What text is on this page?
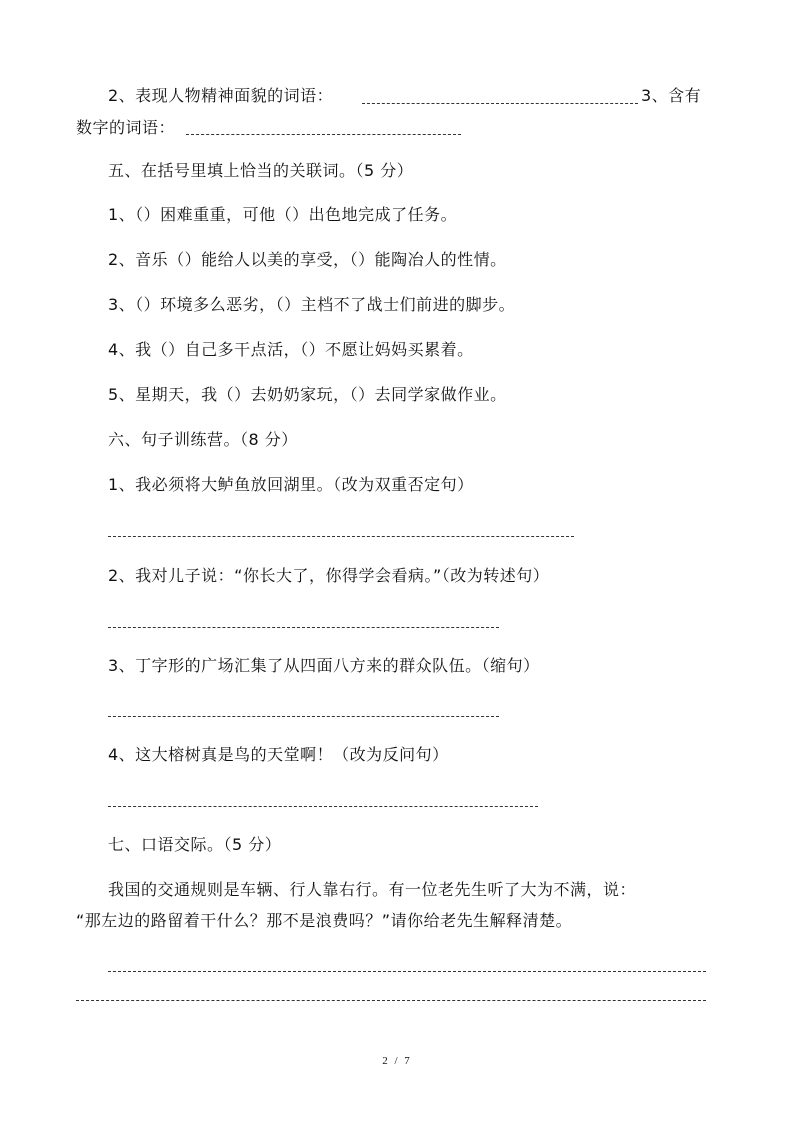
2、表现人物精神面貌的词语：	3、含有
数字的词语：
五、在括号里填上恰当的关联词。（5 分）
1、（）困难重重，可他（）出色地完成了任务。
2、音乐（）能给人以美的享受，（）能陶冶人的性情。
3、（）环境多么恶劣，（）主档不了战士们前进的脚步。
4、我（）自己多干点活，（）不愿让妈妈买累着。
5、星期天，我（）去奶奶家玩，（）去同学家做作业。
六、句子训练营。（8 分）
1、我必须将大鲈鱼放回湖里。（改为双重否定句）
2、我对儿子说：“你长大了，你得学会看病。”（改为转述句）
3、丁字形的广场汇集了从四面八方来的群众队伍。（缩句）
4、这大榕树真是鸟的天堂啊！（改为反问句）
七、口语交际。（5 分）
我国的交通规则是车辆、行人靠右行。有一位老先生听了大为不满，说：
“那左边的路留着干什么？那不是浪费吗？”请你给老先生解释清楚。
2 / 7
